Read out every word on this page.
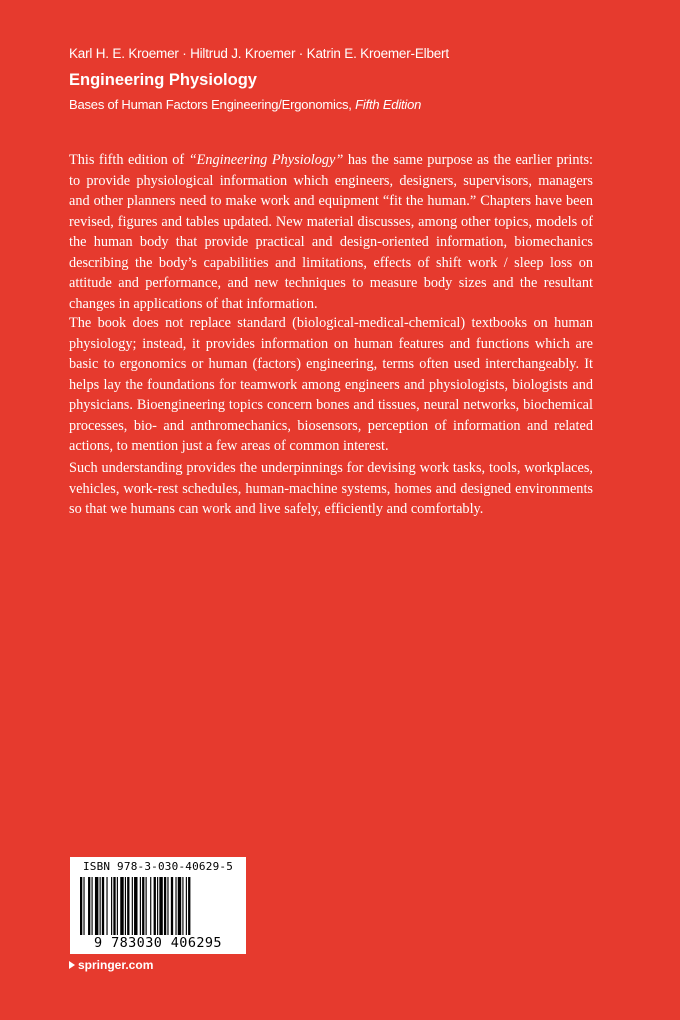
Karl H. E. Kroemer · Hiltrud J. Kroemer · Katrin E. Kroemer-Elbert
Engineering Physiology
Bases of Human Factors Engineering/Ergonomics, Fifth Edition

This fifth edition of “Engineering Physiology” has the same purpose as the earlier prints: to provide physiological information which engineers, designers, supervisors, managers and other planners need to make work and equipment “fit the human.” Chapters have been revised, figures and tables updated. New material discusses, among other topics, models of the human body that provide practical and design-oriented information, biomechanics describing the body’s capabilities and limitations, effects of shift work / sleep loss on attitude and performance, and new techniques to measure body sizes and the resultant changes in applications of that information.

The book does not replace standard (biological-medical-chemical) textbooks on human physiology; instead, it provides information on human features and functions which are basic to ergonomics or human (factors) engineering, terms often used interchangeably. It helps lay the foundations for teamwork among engineers and physiologists, biologists and physicians. Bioengineering topics concern bones and tissues, neural networks, biochemical processes, bio- and anthromechanics, biosensors, perception of information and related actions, to mention just a few areas of common interest.

Such understanding provides the underpinnings for devising work tasks, tools, workplaces, vehicles, work-rest schedules, human-machine systems, homes and designed environments so that we humans can work and live safely, efficiently and comfortably.

ISBN 978-3-030-40629-5
9 783030 406295
springer.com
